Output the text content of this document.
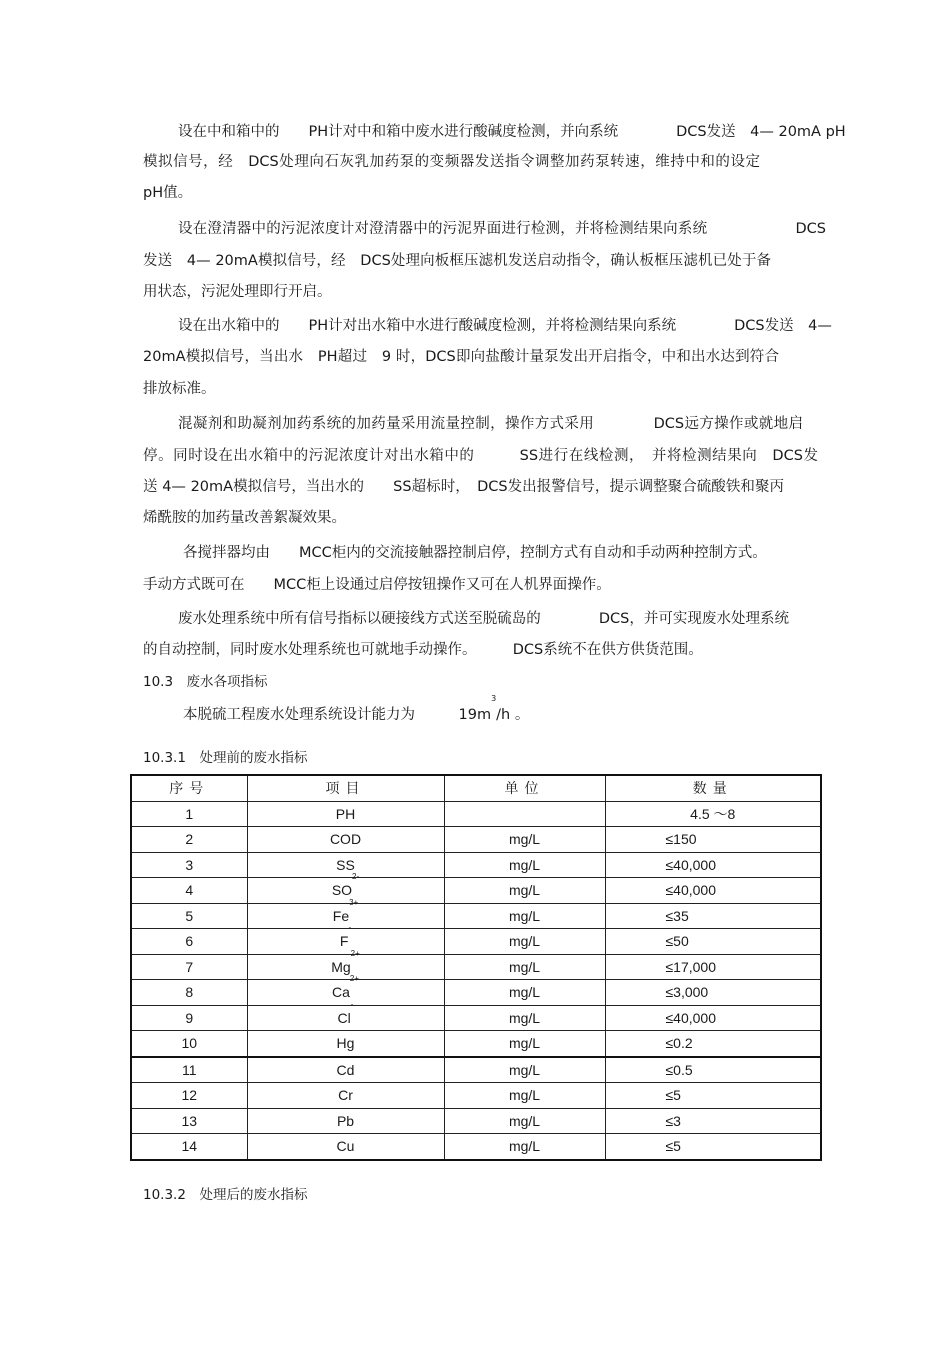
设在中和箱中的　　PH计对中和箱中废水进行酸碱度检测，并向系统　　　　DCS发送　4— 20mA pH
模拟信号，经　DCS处理向石灰乳加药泵的变频器发送指令调整加药泵转速，维持中和的设定
pH值。
设在澄清器中的污泥浓度计对澄清器中的污泥界面进行检测，并将检测结果向系统　　　　　　DCS
发送　4— 20mA模拟信号，经　DCS处理向板框压滤机发送启动指令，确认板框压滤机已处于备
用状态，污泥处理即行开启。
设在出水箱中的　　PH计对出水箱中水进行酸碱度检测，并将检测结果向系统　　　　DCS发送　4—
20mA模拟信号，当出水　PH超过　9 时，DCS即向盐酸计量泵发出开启指令，中和出水达到符合
排放标准。
混凝剂和助凝剂加药系统的加药量采用流量控制，操作方式采用　　　　DCS远方操作或就地启
停。同时设在出水箱中的污泥浓度计对出水箱中的　　　SS进行在线检测，　并将检测结果向　DCS发
送 4— 20mA模拟信号，当出水的　　SS超标时，　DCS发出报警信号，提示调整聚合硫酸铁和聚丙
烯酰胺的加药量改善絮凝效果。
各搅拌器均由　　MCC柜内的交流接触器控制启停，控制方式有自动和手动两种控制方式。
手动方式既可在　　MCC柜上设通过启停按钮操作又可在人机界面操作。
废水处理系统中所有信号指标以硬接线方式送至脱硫岛的　　　　DCS，并可实现废水处理系统
的自动控制，同时废水处理系统也可就地手动操作。　　　DCS系统不在供方供货范围。
10.3　废水各项指标
本脱硫工程废水处理系统设计能力为　　　$19m^3/h$ 。
10.3.1　处理前的废水指标
序号	项目	单位	数量
1	PH		4.5 ～8
2	COD	mg/L	≤150
3	SS	mg/L	≤40,000
4	$SO^{2-}$	mg/L	≤40,000
5	$Fe^{3+}$	mg/L	≤35
6	F-	mg/L	≤50
7	$Mg^{2+}$	mg/L	≤17,000
8	$Ca^{2+}$	mg/L	≤3,000
9	Cl-	mg/L	≤40,000
10	Hg	mg/L	≤0.2
11	Cd	mg/L	≤0.5
12	Cr	mg/L	≤5
13	Pb	mg/L	≤3
14	Cu	mg/L	≤5
10.3.2　处理后的废水指标
